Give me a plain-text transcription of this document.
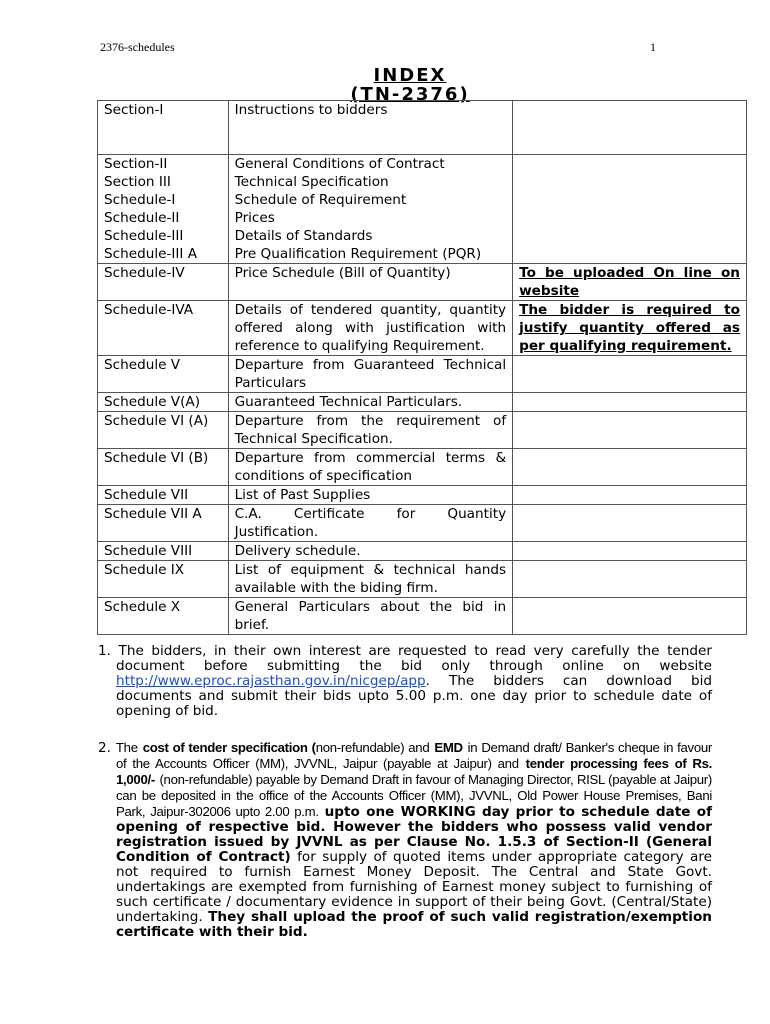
2376-schedules	1
INDEX
(TN-2376)
Section-I	Instructions to bidders	
Section-II	General Conditions of Contract	
Section III	Technical Specification	
Schedule-I	Schedule of Requirement	
Schedule-II	Prices	
Schedule-III	Details of Standards	
Schedule-III A	Pre Qualification Requirement (PQR)	
Schedule-IV	Price Schedule (Bill of Quantity)	To be uploaded On line on website
Schedule-IVA	Details of tendered quantity, quantity offered along with justification with reference to qualifying Requirement.	The bidder is required to justify quantity offered as per qualifying requirement.
Schedule V	Departure from Guaranteed Technical Particulars	
Schedule V(A)	Guaranteed Technical Particulars.	
Schedule VI (A)	Departure from the requirement of Technical Specification.	
Schedule VI (B)	Departure from commercial terms & conditions of specification	
Schedule VII	List of Past Supplies	
Schedule VII A	C.A. Certificate for Quantity Justification.	
Schedule VIII	Delivery schedule.	
Schedule IX	List of equipment & technical hands available with the biding firm.	
Schedule X	General Particulars about the bid in brief.	

1. The bidders, in their own interest are requested to read very carefully the tender document before submitting the bid only through online on website http://www.eproc.rajasthan.gov.in/nicgep/app. The bidders can download bid documents and submit their bids upto 5.00 p.m. one day prior to schedule date of opening of bid.

2. The cost of tender specification (non-refundable) and EMD in Demand draft/ Banker's cheque in favour of the Accounts Officer (MM), JVVNL, Jaipur (payable at Jaipur) and tender processing fees of Rs. 1,000/- (non-refundable) payable by Demand Draft in favour of Managing Director, RISL (payable at Jaipur) can be deposited in the office of the Accounts Officer (MM), JVVNL, Old Power House Premises, Bani Park, Jaipur-302006 upto 2.00 p.m. upto one WORKING day prior to schedule date of opening of respective bid. However the bidders who possess valid vendor registration issued by JVVNL as per Clause No. 1.5.3 of Section-II (General Condition of Contract) for supply of quoted items under appropriate category are not required to furnish Earnest Money Deposit. The Central and State Govt. undertakings are exempted from furnishing of Earnest money subject to furnishing of such certificate / documentary evidence in support of their being Govt. (Central/State) undertaking. They shall upload the proof of such valid registration/exemption certificate with their bid.
